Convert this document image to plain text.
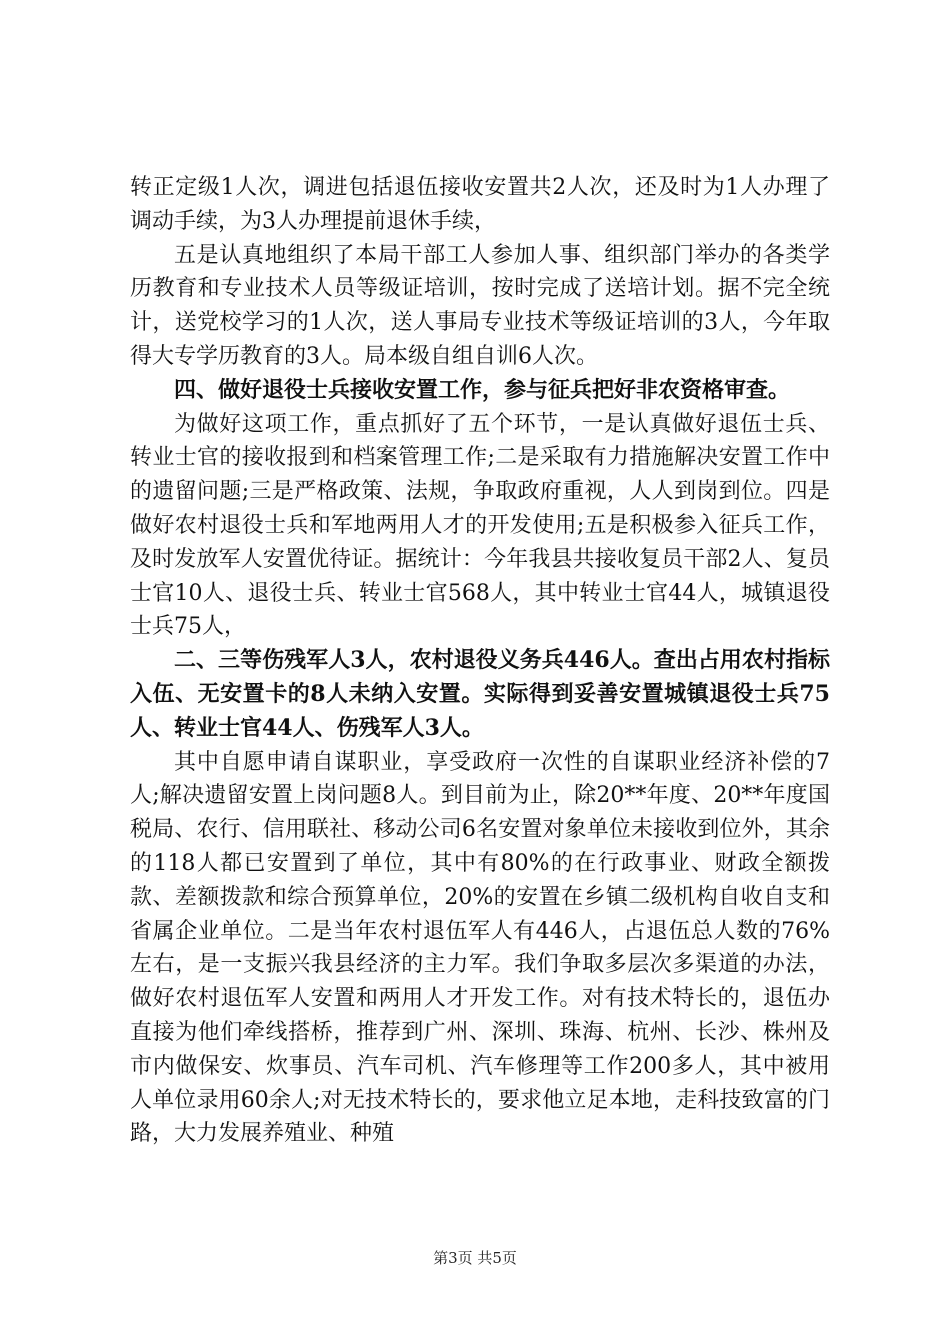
转正定级1人次，调进包括退伍接收安置共2人次，还及时为1人办理了调动手续，为3人办理提前退休手续，

五是认真地组织了本局干部工人参加人事、组织部门举办的各类学历教育和专业技术人员等级证培训，按时完成了送培计划。据不完全统计，送党校学习的1人次，送人事局专业技术等级证培训的3人，今年取得大专学历教育的3人。局本级自组自训6人次。

四、做好退役士兵接收安置工作，参与征兵把好非农资格审查。

为做好这项工作，重点抓好了五个环节，一是认真做好退伍士兵、转业士官的接收报到和档案管理工作;二是采取有力措施解决安置工作中的遗留问题;三是严格政策、法规，争取政府重视，人人到岗到位。四是做好农村退役士兵和军地两用人才的开发使用;五是积极参入征兵工作，及时发放军人安置优待证。据统计：今年我县共接收复员干部2人、复员士官10人、退役士兵、转业士官568人，其中转业士官44人，城镇退役士兵75人，

二、三等伤残军人3人，农村退役义务兵446人。查出占用农村指标入伍、无安置卡的8人未纳入安置。实际得到妥善安置城镇退役士兵75人、转业士官44人、伤残军人3人。

其中自愿申请自谋职业，享受政府一次性的自谋职业经济补偿的7人;解决遗留安置上岗问题8人。到目前为止，除20**年度、20**年度国税局、农行、信用联社、移动公司6名安置对象单位未接收到位外，其余的118人都已安置到了单位，其中有80%的在行政事业、财政全额拨款、差额拨款和综合预算单位，20%的安置在乡镇二级机构自收自支和省属企业单位。二是当年农村退伍军人有446人，占退伍总人数的76%左右，是一支振兴我县经济的主力军。我们争取多层次多渠道的办法，做好农村退伍军人安置和两用人才开发工作。对有技术特长的，退伍办直接为他们牵线搭桥，推荐到广州、深圳、珠海、杭州、长沙、株州及市内做保安、炊事员、汽车司机、汽车修理等工作200多人，其中被用人单位录用60余人;对无技术特长的，要求他立足本地，走科技致富的门路，大力发展养殖业、种殖

第3页 共5页
